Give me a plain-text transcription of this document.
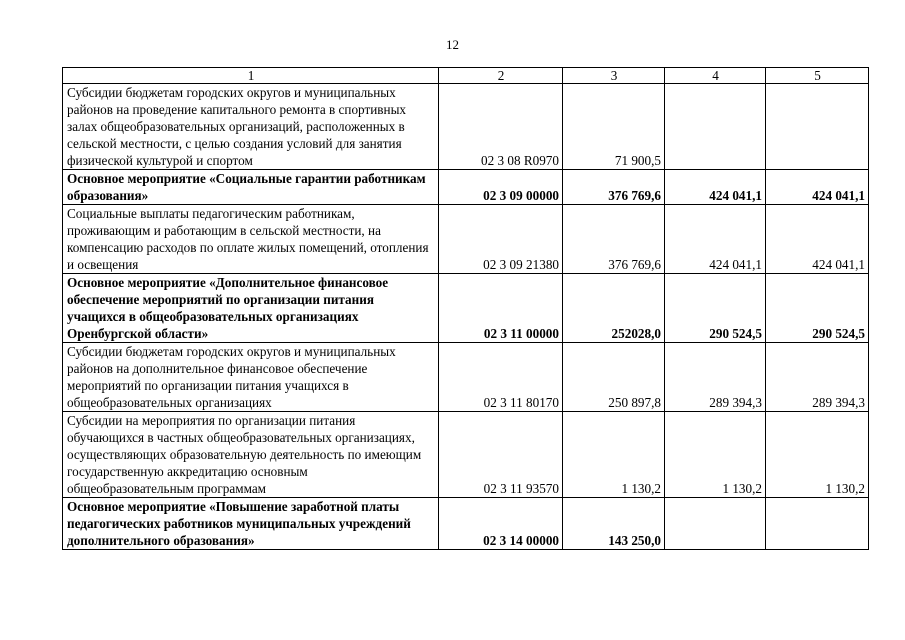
12
1	2	3	4	5
Субсидии бюджетам городских округов и муниципальных районов на проведение капитального ремонта в спортивных залах общеобразовательных организаций, расположенных в сельской местности, с целью создания условий для занятия физической культурой и спортом	02 3 08 R0970	71 900,5		
Основное мероприятие «Социальные гарантии работникам образования»	02 3 09 00000	376 769,6	424 041,1	424 041,1
Социальные выплаты педагогическим работникам, проживающим и работающим в сельской местности, на компенсацию расходов по оплате жилых помещений, отопления и освещения	02 3 09 21380	376 769,6	424 041,1	424 041,1
Основное мероприятие «Дополнительное финансовое обеспечение мероприятий по организации питания учащихся в общеобразовательных организациях Оренбургской области»	02 3 11 00000	252028,0	290 524,5	290 524,5
Субсидии бюджетам городских округов и муниципальных районов на дополнительное финансовое обеспечение мероприятий по организации питания учащихся в общеобразовательных организациях	02 3 11 80170	250 897,8	289 394,3	289 394,3
Субсидии на мероприятия по организации питания обучающихся в частных общеобразовательных организациях, осуществляющих образовательную деятельность по имеющим государственную аккредитацию основным общеобразовательным программам	02 3 11 93570	1 130,2	1 130,2	1 130,2
Основное мероприятие «Повышение заработной платы педагогических работников муниципальных учреждений дополнительного образования»	02 3 14 00000	143 250,0		
